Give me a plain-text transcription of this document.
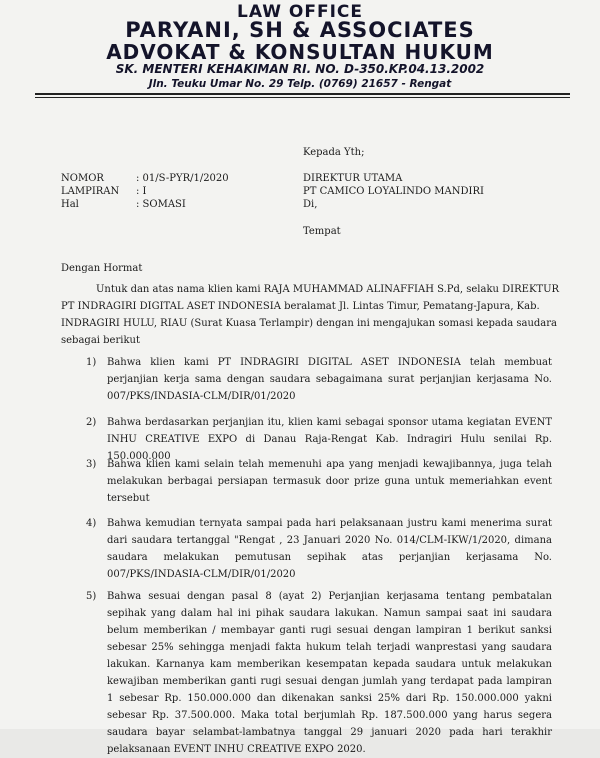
LAW OFFICE
PARYANI, SH & ASSOCIATES
ADVOKAT & KONSULTAN HUKUM
SK. MENTERI KEHAKIMAN RI. NO. D-350.KP.04.13.2002
Jln. Teuku Umar No. 29 Telp. (0769) 21657 - Rengat
Kepada Yth;
NOMOR	: 01/S-PYR/1/2020
LAMPIRAN : I
Hal	: SOMASI
DIREKTUR UTAMA
PT CAMICO LOYALINDO MANDIRI
Di,
Tempat
Dengan Hormat
Untuk dan atas nama klien kami RAJA MUHAMMAD ALINAFFIAH S.Pd, selaku DIREKTUR
PT INDRAGIRI DIGITAL ASET INDONESIA beralamat Jl. Lintas Timur, Pematang-Japura, Kab.
INDRAGIRI HULU, RIAU (Surat Kuasa Terlampir) dengan ini mengajukan somasi kepada saudara
sebagai berikut
1) Bahwa klien kami PT INDRAGIRI DIGITAL ASET INDONESIA telah membuat perjanjian kerja sama dengan saudara sebagaimana surat perjanjian kerjasama No. 007/PKS/INDASIA-CLM/DIR/01/2020
2) Bahwa berdasarkan perjanjian itu, klien kami sebagai sponsor utama kegiatan EVENT INHU CREATIVE EXPO di Danau Raja-Rengat Kab. Indragiri Hulu senilai Rp. 150.000.000
3) Bahwa klien kami selain telah memenuhi apa yang menjadi kewajibannya, juga telah melakukan berbagai persiapan termasuk door prize guna untuk memeriahkan event tersebut
4) Bahwa kemudian ternyata sampai pada hari pelaksanaan justru kami menerima surat dari saudara tertanggal "Rengat , 23 Januari 2020 No. 014/CLM-IKW/1/2020, dimana saudara melakukan pemutusan sepihak atas perjanjian kerjasama No. 007/PKS/INDASIA-CLM/DIR/01/2020
5) Bahwa sesuai dengan pasal 8 (ayat 2) Perjanjian kerjasama tentang pembatalan sepihak yang dalam hal ini pihak saudara lakukan. Namun sampai saat ini saudara belum memberikan / membayar ganti rugi sesuai dengan lampiran 1 berikut sanksi sebesar 25% sehingga menjadi fakta hukum telah terjadi wanprestasi yang saudara lakukan. Karnanya kam memberikan kesempatan kepada saudara untuk melakukan kewajiban memberikan ganti rugi sesuai dengan jumlah yang terdapat pada lampiran 1 sebesar Rp. 150.000.000 dan dikenakan sanksi 25% dari Rp. 150.000.000 yakni sebesar Rp. 37.500.000. Maka total berjumlah Rp. 187.500.000 yang harus segera saudara bayar selambat-lambatnya tanggal 29 januari 2020 pada hari terakhir pelaksanaan EVENT INHU CREATIVE EXPO 2020.
